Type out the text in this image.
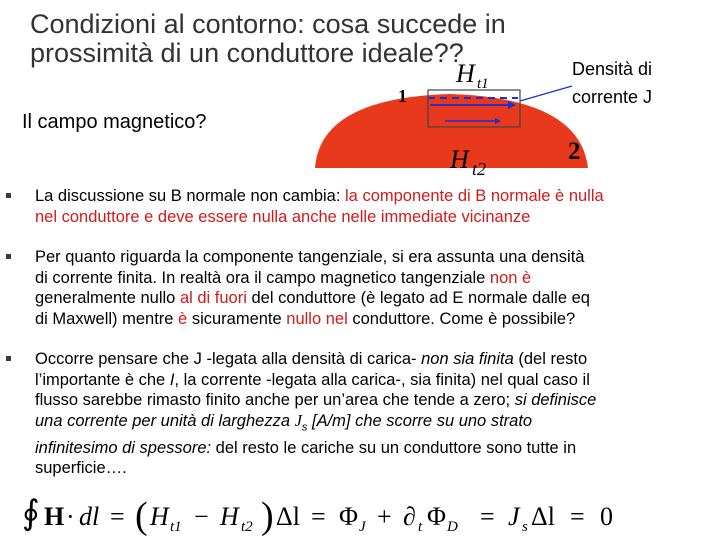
Condizioni al contorno: cosa succede in
prossimità di un conduttore ideale??
Il campo magnetico?
1
2
H t1
H t2
Densità di
corrente J
La discussione su B normale non cambia: la componente di B normale è nulla
nel conduttore e deve essere nulla anche nelle immediate vicinanze
Per quanto riguarda la componente tangenziale, si era assunta una densità
di corrente finita. In realtà ora il campo magnetico tangenziale non è
generalmente nullo al di fuori del conduttore (è legato ad E normale dalle eq
di Maxwell) mentre è sicuramente nullo nel conduttore. Come è possibile?
Occorre pensare che J -legata alla densità di carica- non sia finita (del resto
l’importante è che I, la corrente -legata alla carica-, sia finita) nel qual caso il
flusso sarebbe rimasto finito anche per un’area che tende a zero; si definisce
una corrente per unità di larghezza $J_s$ [A/m] che scorre su uno strato
infinitesimo di spessore: del resto le cariche su un conduttore sono tutte in
superficie….
∮ H · dl = ( H t1 − H t2 ) Δl = Φ J + ∂ t Φ D = J s Δl = 0
